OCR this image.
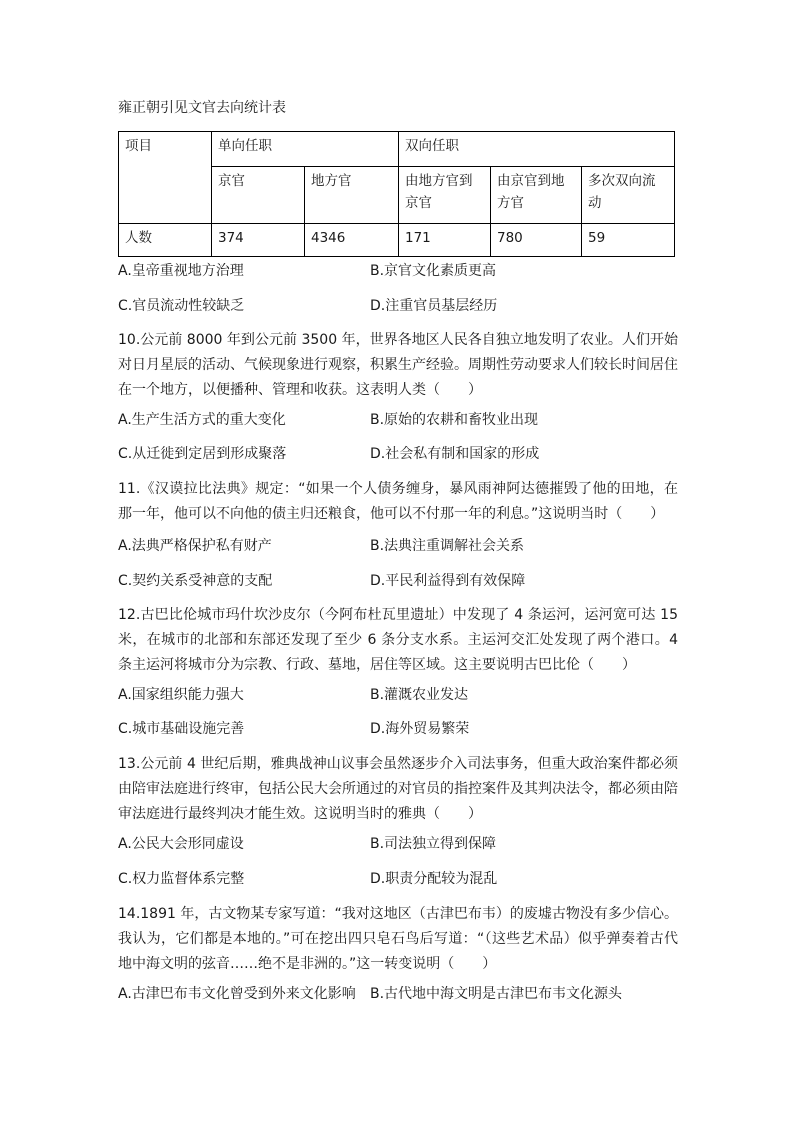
雍正朝引见文官去向统计表
项目	单向任职		双向任职		
	京官	地方官	由地方官到京官	由京官到地方官	多次双向流动
人数	374	4346	171	780	59
A.皇帝重视地方治理	B.京官文化素质更高
C.官员流动性较缺乏	D.注重官员基层经历
10.公元前 8000 年到公元前 3500 年，世界各地区人民各自独立地发明了农业。人们开始对日月星辰的活动、气候现象进行观察，积累生产经验。周期性劳动要求人们较长时间居住在一个地方，以便播种、管理和收获。这表明人类（　　）
A.生产生活方式的重大变化	B.原始的农耕和畜牧业出现
C.从迁徙到定居到形成聚落	D.社会私有制和国家的形成
11.《汉谟拉比法典》规定：“如果一个人债务缠身，暴风雨神阿达德摧毁了他的田地，在那一年，他可以不向他的债主归还粮食，他可以不付那一年的利息。”这说明当时（　　）
A.法典严格保护私有财产	B.法典注重调解社会关系
C.契约关系受神意的支配	D.平民利益得到有效保障
12.古巴比伦城市玛什坎沙皮尔（今阿布杜瓦里遗址）中发现了 4 条运河，运河宽可达 15 米，在城市的北部和东部还发现了至少 6 条分支水系。主运河交汇处发现了两个港口。4 条主运河将城市分为宗教、行政、墓地，居住等区域。这主要说明古巴比伦（　　）
A.国家组织能力强大	B.灌溉农业发达
C.城市基础设施完善	D.海外贸易繁荣
13.公元前 4 世纪后期，雅典战神山议事会虽然逐步介入司法事务，但重大政治案件都必须由陪审法庭进行终审，包括公民大会所通过的对官员的指控案件及其判决法令，都必须由陪审法庭进行最终判决才能生效。这说明当时的雅典（　　）
A.公民大会形同虚设	B.司法独立得到保障
C.权力监督体系完整	D.职责分配较为混乱
14.1891 年，古文物某专家写道：“我对这地区（古津巴布韦）的废墟古物没有多少信心。我认为，它们都是本地的。”可在挖出四只皂石鸟后写道：“（这些艺术品）似乎弹奏着古代地中海文明的弦音……绝不是非洲的。”这一转变说明（　　）
A.古津巴布韦文化曾受到外来文化影响 B.古代地中海文明是古津巴布韦文化源头
